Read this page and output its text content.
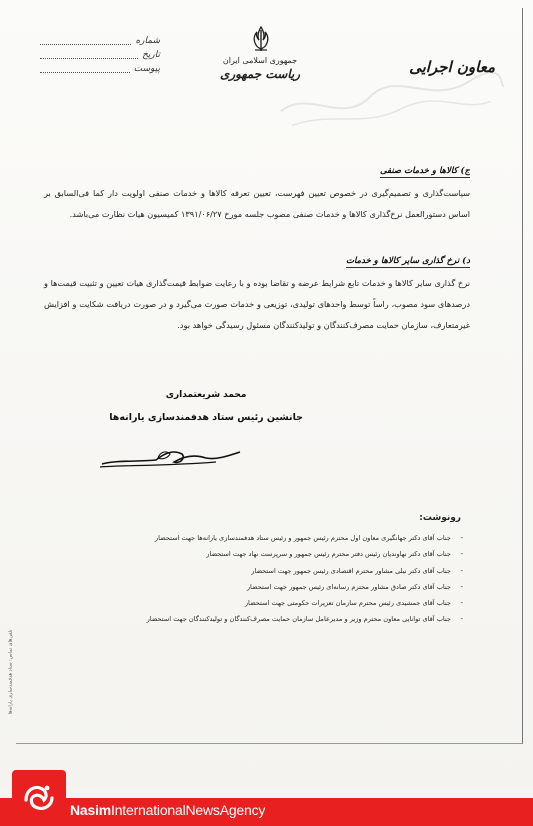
شماره
تاریخ
پیوست
جمهوری اسلامی ایران
ریاست جمهوری	معاون اجرایی
ج) کالاها و خدمات صنفی
سیاست‌گذاری و تصمیم‌گیری در خصوص تعیین فهرست، تعیین تعرفه کالاها و خدمات صنفی اولویت دار کما فی‌السابق بر اساس دستورالعمل نرخ‌گذاری کالاها و خدمات صنفی مصوب جلسه مورخ ۱۳۹۱/۰۶/۲۷ کمیسیون هیات نظارت می‌باشد.
د) نرخ گذاری سایر کالاها و خدمات
نرخ گذاری سایر کالاها و خدمات تابع شرایط عرضه و تقاضا بوده و با رعایت ضوابط قیمت‌گذاری هیات تعیین و تثبیت قیمت‌ها و درصدهای سود مصوب، راساً توسط واحدهای تولیدی، توزیعی و خدمات صورت می‌گیرد و در صورت دریافت شکایت و افزایش غیرمتعارف، سازمان حمایت مصرف‌کنندگان و تولیدکنندگان مسئول رسیدگی خواهد بود.
محمد شریعتمداری
جانشین رئیس ستاد هدفمندسازی یارانه‌ها
رونوشت:
- جناب آقای دکتر جهانگیری معاون اول محترم رئیس جمهور و رئیس ستاد هدفمندسازی یارانه‌ها جهت استحضار
- جناب آقای دکتر نهاوندیان رئیس دفتر محترم رئیس جمهور و سرپرست نهاد جهت استحضار
- جناب آقای دکتر نیلی مشاور محترم اقتصادی رئیس جمهور جهت استحضار
- جناب آقای دکتر صادق مشاور محترم رسانه‌ای رئیس جمهور جهت استحضار
- جناب آقای جمشیدی رئیس محترم سازمان تعزیرات حکومتی جهت استحضار
- جناب آقای توانایی معاون محترم وزیر و مدیرعامل سازمان حمایت مصرف‌کنندگان و تولیدکنندگان جهت استحضار
تلفن‌های تماس: ستاد هدفمندسازی یارانه‌ها
NasimInternationalNewsAgency
